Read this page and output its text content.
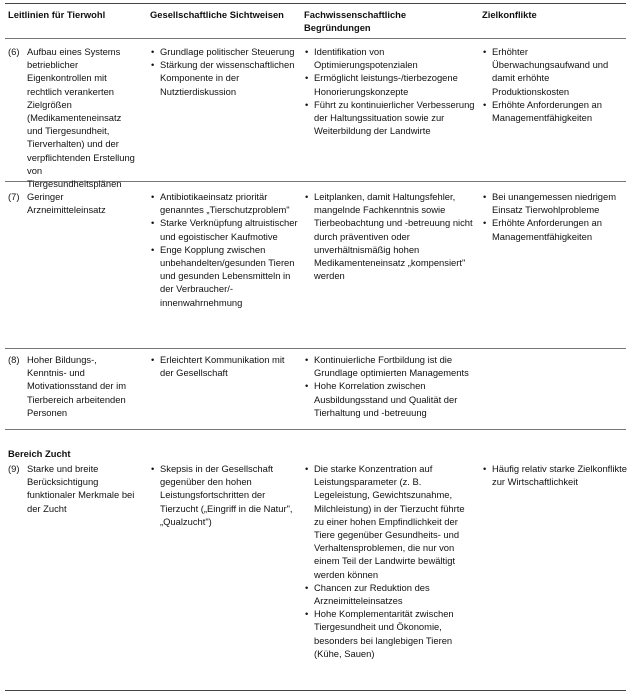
Leitlinien für Tierwohl	Gesellschaftliche Sichtweisen	Fachwissenschaftliche Begründungen
Zielkonflikte
(6) Aufbau eines Systems betrieblicher Eigenkontrollen mit rechtlich verankerten Zielgrößen (Medikamenteneinsatz und Tiergesundheit, Tierverhalten) und der verpflichtenden Erstellung von Tiergesundheitsplänen
• Grundlage politischer Steuerung
• Stärkung der wissenschaftlichen Komponente in der Nutztierdiskussion
• Identifikation von Optimierungspotenzialen
• Ermöglicht leistungs-/tierbezogene Honorierungskonzepte
• Führt zu kontinuierlicher Verbesserung der Haltungssituation sowie zur Weiterbildung der Landwirte
• Erhöhter Überwachungsaufwand und damit erhöhte Produktionskosten
• Erhöhte Anforderungen an Managementfähigkeiten
(7) Geringer Arzneimitteleinsatz
• Antibiotikaeinsatz prioritär genanntes „Tierschutzproblem"
• Starke Verknüpfung altruistischer und egoistischer Kaufmotive
• Enge Kopplung zwischen unbehandelten/gesunden Tieren und gesunden Lebensmitteln in der Verbraucher/-innenwahrnehmung
• Leitplanken, damit Haltungsfehler, mangelnde Fachkenntnis sowie Tierbeobachtung und -betreuung nicht durch präventiven oder unverhältnismäßig hohen Medikamenteneinsatz „kompensiert" werden
• Bei unangemessen niedrigem Einsatz Tierwohlprobleme
• Erhöhte Anforderungen an Managementfähigkeiten
(8) Hoher Bildungs-, Kenntnis- und Motivationsstand der im Tierbereich arbeitenden Personen
• Erleichtert Kommunikation mit der Gesellschaft
• Kontinuierliche Fortbildung ist die Grundlage optimierten Managements
• Hohe Korrelation zwischen Ausbildungsstand und Qualität der Tierhaltung und -betreuung
Bereich Zucht
(9) Starke und breite Berücksichtigung funktionaler Merkmale bei der Zucht
• Skepsis in der Gesellschaft gegenüber den hohen Leistungsfortschritten der Tierzucht („Eingriff in die Natur", „Qualzucht")
• Die starke Konzentration auf Leistungsparameter (z. B. Legeleistung, Gewichtszunahme, Milchleistung) in der Tierzucht führte zu einer hohen Empfindlichkeit der Tiere gegenüber Gesundheits- und Verhaltensproblemen, die nur von einem Teil der Landwirte bewältigt werden können
• Chancen zur Reduktion des Arzneimitteleinsatzes
• Hohe Komplementarität zwischen Tiergesundheit und Ökonomie, besonders bei langlebigen Tieren (Kühe, Sauen)
• Häufig relativ starke Zielkonflikte zur Wirtschaftlichkeit
